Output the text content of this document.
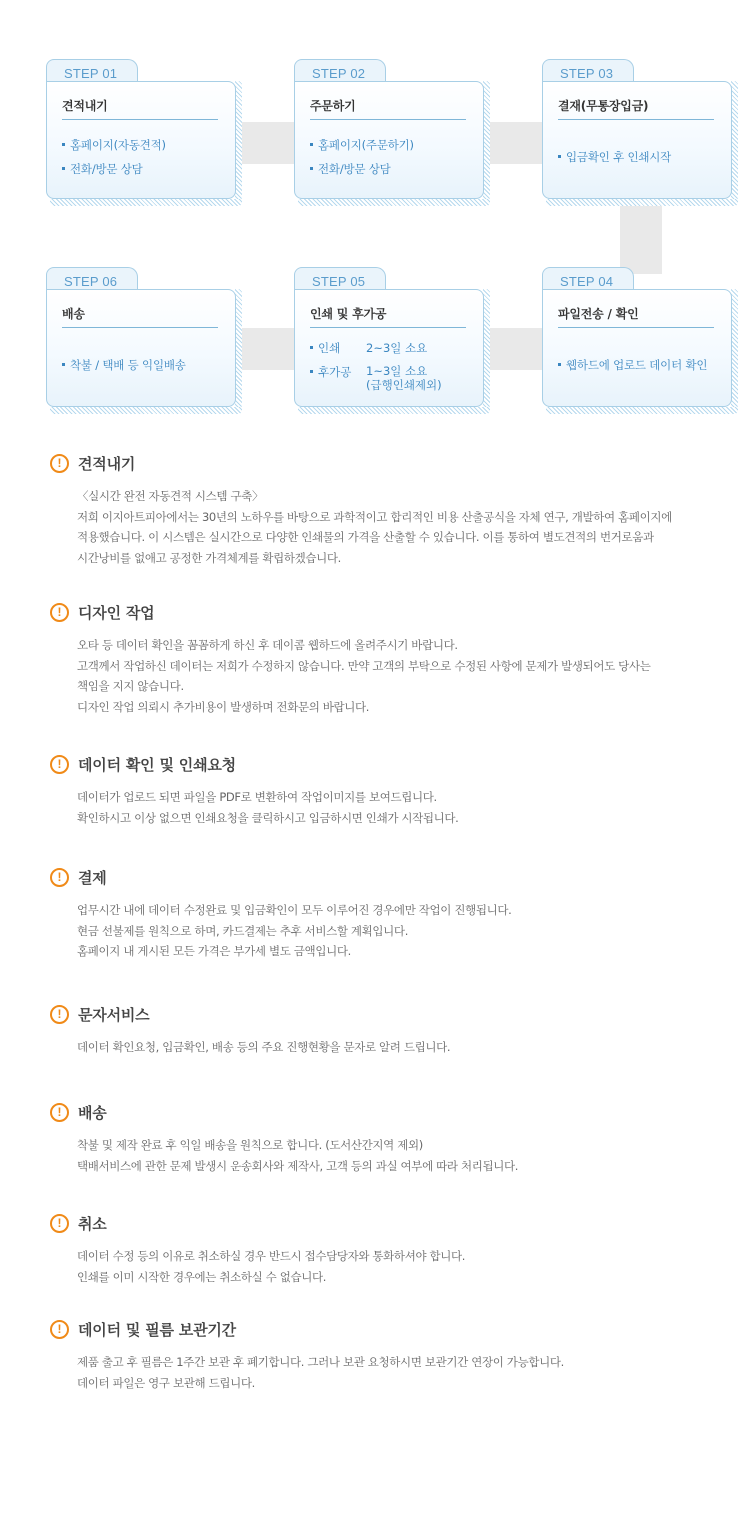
STEP 01
견적내기
홈페이지(자동견적)
전화/방문 상담
STEP 02
주문하기
홈페이지(주문하기)
전화/방문 상담
STEP 03
결재(무통장입금)
입금확인 후 인쇄시작
STEP 06
배송
착불 / 택배 등 익일배송
STEP 05
인쇄 및 후가공
인쇄	2~3일 소요
후가공	1~3일 소요
(급행인쇄제외)
STEP 04
파일전송 / 확인
웹하드에 업로드 데이터 확인
!	견적내기

〈실시간 완전 자동견적 시스템 구축〉

저희 이지아트피아에서는 30년의 노하우를 바탕으로 과학적이고 합리적인 비용 산출공식을 자체 연구, 개발하여 홈페이지에

적용했습니다. 이 시스템은 실시간으로 다양한 인쇄물의 가격을 산출할 수 있습니다. 이를 통하여 별도견적의 번거로움과

시간낭비를 없애고 공정한 가격체계를 확립하겠습니다.

!	디자인 작업

오타 등 데이터 확인을 꼼꼼하게 하신 후 데이콤 웹하드에 올려주시기 바랍니다.

고객께서 작업하신 데이터는 저희가 수정하지 않습니다. 만약 고객의 부탁으로 수정된 사항에 문제가 발생되어도 당사는

책임을 지지 않습니다.

디자인 작업 의뢰시 추가비용이 발생하며 전화문의 바랍니다.

!	데이터 확인 및 인쇄요청

데이터가 업로드 되면 파일을 PDF로 변환하여 작업이미지를 보여드립니다.

확인하시고 이상 없으면 인쇄요청을 클릭하시고 입금하시면 인쇄가 시작됩니다.

!	결제

업무시간 내에 데이터 수정완료 및 입금확인이 모두 이루어진 경우에만 작업이 진행됩니다.

현금 선불제를 원칙으로 하며, 카드결제는 추후 서비스할 계획입니다.

홈페이지 내 게시된 모든 가격은 부가세 별도 금액입니다.

!	문자서비스

데이터 확인요청, 입금확인, 배송 등의 주요 진행현황을 문자로 알려 드립니다.

!	배송

착불 및 제작 완료 후 익일 배송을 원칙으로 합니다. (도서산간지역 제외)

택배서비스에 관한 문제 발생시 운송회사와 제작사, 고객 등의 과실 여부에 따라 처리됩니다.

!	취소

데이터 수정 등의 이유로 취소하실 경우 반드시 접수담당자와 통화하셔야 합니다.

인쇄를 이미 시작한 경우에는 취소하실 수 없습니다.

!	데이터 및 필름 보관기간

제품 출고 후 필름은 1주간 보관 후 폐기합니다. 그러나 보관 요청하시면 보관기간 연장이 가능합니다.

데이터 파일은 영구 보관해 드립니다.
